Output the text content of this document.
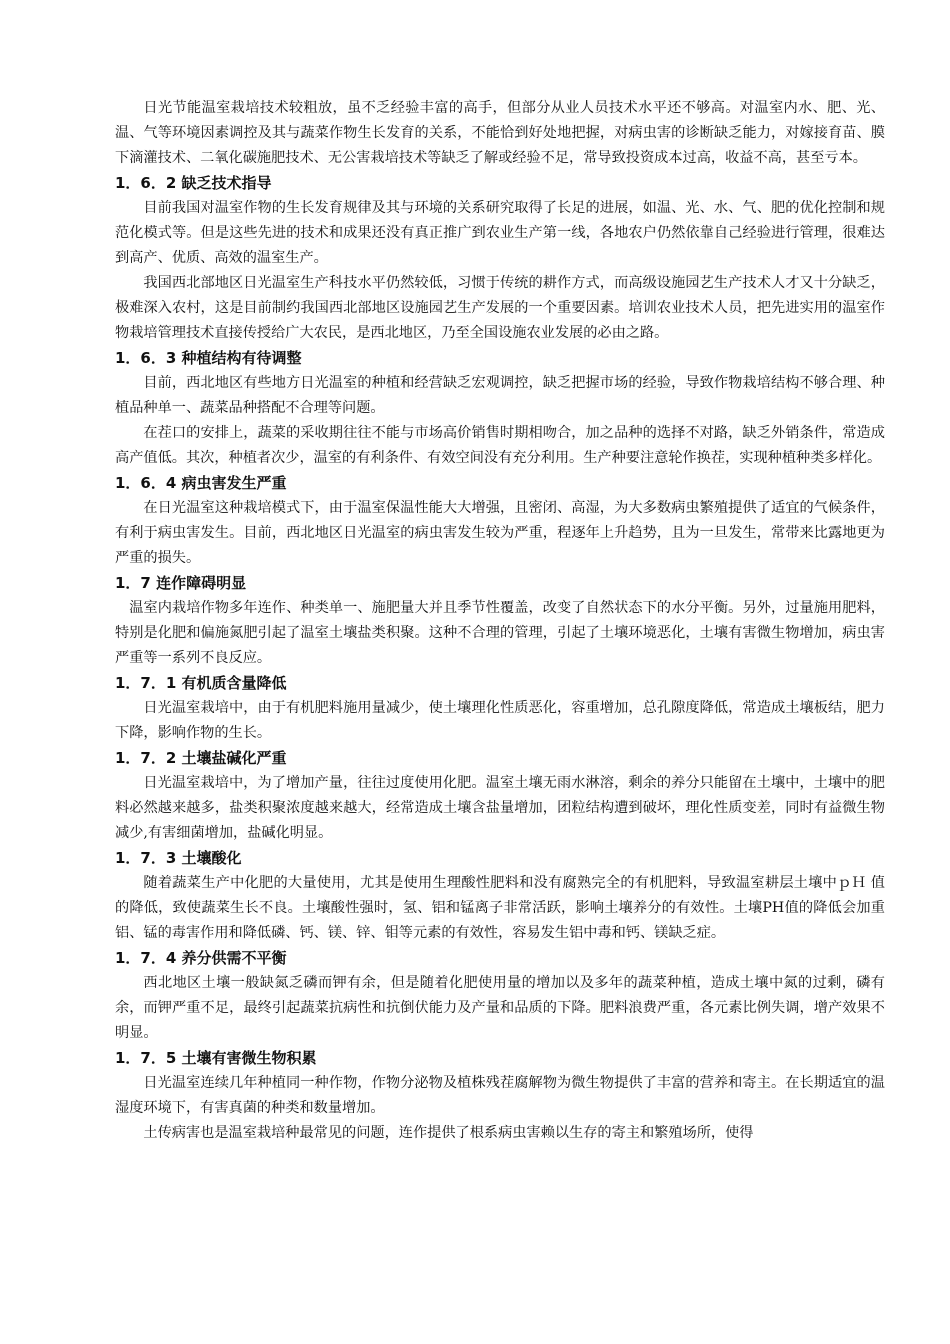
日光节能温室栽培技术较粗放，虽不乏经验丰富的高手，但部分从业人员技术水平还不够高。对温室内水、肥、光、温、气等环境因素调控及其与蔬菜作物生长发育的关系，不能恰到好处地把握，对病虫害的诊断缺乏能力，对嫁接育苗、膜下滴灌技术、二氧化碳施肥技术、无公害栽培技术等缺乏了解或经验不足，常导致投资成本过高，收益不高，甚至亏本。

1．6．2 缺乏技术指导

目前我国对温室作物的生长发育规律及其与环境的关系研究取得了长足的进展，如温、光、水、气、肥的优化控制和规范化模式等。但是这些先进的技术和成果还没有真正推广到农业生产第一线，各地农户仍然依靠自己经验进行管理，很难达到高产、优质、高效的温室生产。

我国西北部地区日光温室生产科技水平仍然较低，习惯于传统的耕作方式，而高级设施园艺生产技术人才又十分缺乏，极难深入农村，这是目前制约我国西北部地区设施园艺生产发展的一个重要因素。培训农业技术人员，把先进实用的温室作物栽培管理技术直接传授给广大农民，是西北地区，乃至全国设施农业发展的必由之路。

1．6．3 种植结构有待调整

目前，西北地区有些地方日光温室的种植和经营缺乏宏观调控，缺乏把握市场的经验，导致作物栽培结构不够合理、种植品种单一、蔬菜品种搭配不合理等问题。

在茬口的安排上，蔬菜的采收期往往不能与市场高价销售时期相吻合，加之品种的选择不对路，缺乏外销条件，常造成高产值低。其次，种植者次少，温室的有利条件、有效空间没有充分利用。生产种要注意轮作换茬，实现种植种类多样化。

1．6．4 病虫害发生严重

在日光温室这种栽培模式下，由于温室保温性能大大增强，且密闭、高湿，为大多数病虫繁殖提供了适宜的气候条件，有利于病虫害发生。目前，西北地区日光温室的病虫害发生较为严重，程逐年上升趋势，且为一旦发生，常带来比露地更为严重的损失。

1．7 连作障碍明显

温室内栽培作物多年连作、种类单一、施肥量大并且季节性覆盖，改变了自然状态下的水分平衡。另外，过量施用肥料，特别是化肥和偏施氮肥引起了温室土壤盐类积聚。这种不合理的管理，引起了土壤环境恶化，土壤有害微生物增加，病虫害严重等一系列不良反应。

1．7．1 有机质含量降低

日光温室栽培中，由于有机肥料施用量减少，使土壤理化性质恶化，容重增加，总孔隙度降低，常造成土壤板结，肥力下降，影响作物的生长。

1．7．2 土壤盐碱化严重

日光温室栽培中，为了增加产量，往往过度使用化肥。温室土壤无雨水淋溶，剩余的养分只能留在土壤中，土壤中的肥料必然越来越多，盐类积聚浓度越来越大，经常造成土壤含盐量增加，团粒结构遭到破坏，理化性质变差，同时有益微生物减少,有害细菌增加，盐碱化明显。

1．7．3 土壤酸化

随着蔬菜生产中化肥的大量使用，尤其是使用生理酸性肥料和没有腐熟完全的有机肥料，导致温室耕层土壤中ｐＨ 值的降低，致使蔬菜生长不良。土壤酸性强时，氢、铝和锰离子非常活跃，影响土壤养分的有效性。土壤PH值的降低会加重铝、锰的毒害作用和降低磷、钙、镁、锌、钼等元素的有效性，容易发生铝中毒和钙、镁缺乏症。

1．7．4 养分供需不平衡

西北地区土壤一般缺氮乏磷而钾有余，但是随着化肥使用量的增加以及多年的蔬菜种植，造成土壤中氮的过剩，磷有余，而钾严重不足，最终引起蔬菜抗病性和抗倒伏能力及产量和品质的下降。肥料浪费严重，各元素比例失调，增产效果不明显。

1．7．5 土壤有害微生物积累

日光温室连续几年种植同一种作物，作物分泌物及植株残茬腐解物为微生物提供了丰富的营养和寄主。在长期适宜的温湿度环境下，有害真菌的种类和数量增加。

土传病害也是温室栽培种最常见的问题，连作提供了根系病虫害赖以生存的寄主和繁殖场所，使得
